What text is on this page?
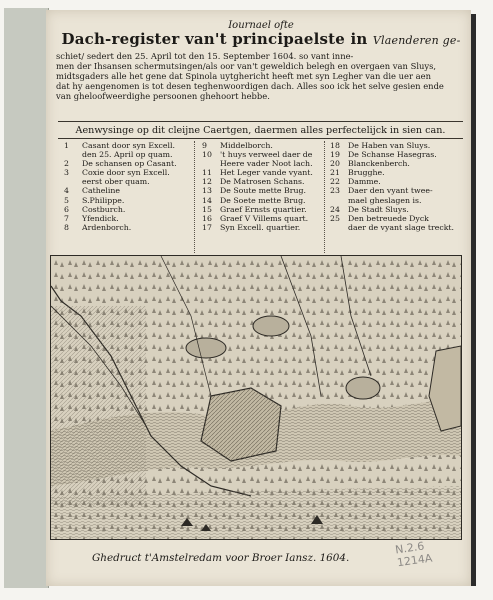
Iournael ofte
Dach-register van't principaelste in Vlaenderen ge-
schiet/ sedert den 25. April tot den 15. September 1604. so vant inne-
men der Ihsansen schermutsingen/als oor van't geweldich belegh en overgaen van Sluys,
midtsgaders alle het gene dat Spinola uytghericht heeft met syn Legher van die uer aen
dat hy aengenomen is tot desen teghenwoordigen dach. Alles soo ick het selve gesien ende
van gheloofweerdighe persoonen ghehoort hebbe.
Aenwysinge op dit cleijne Caertgen, daermen alles perfectelijck in sien can.
1	Casant door syn Excell.
den 25. April op quam.
2	De schansen op Casant.
3	Coxie door syn Excell.
eerst ober quam.
4	Catheline
5	S.Philippe.
6	Costburch.
7	Yfendick.
8	Ardenborch.
9	Middelborch.
10	't huys verweel daer de
Heere vader Noot lach.
11	Het Leger vande vyant.
12	De Matrosen Schans.
13	De Soute mette Brug.
14	De Soete mette Brug.
15	Graef Ernsts quartier.
16	Graef V Villems quart.
17	Syn Excell. quartier.
18	De Haben van Sluys.
19	De Schanse Hasegras.
20	Blanckenberch.
21	Brugghe.
22	Damme.
23	Daer den vyant twee-
mael gheslagen is.
24	De Stadt Sluys.
25	Den betreuede Dyck
daer de vyant slage treckt.
Ghedruct t'Amstelredam voor Broer Iansz. 1604.
N.2.6
1214A
